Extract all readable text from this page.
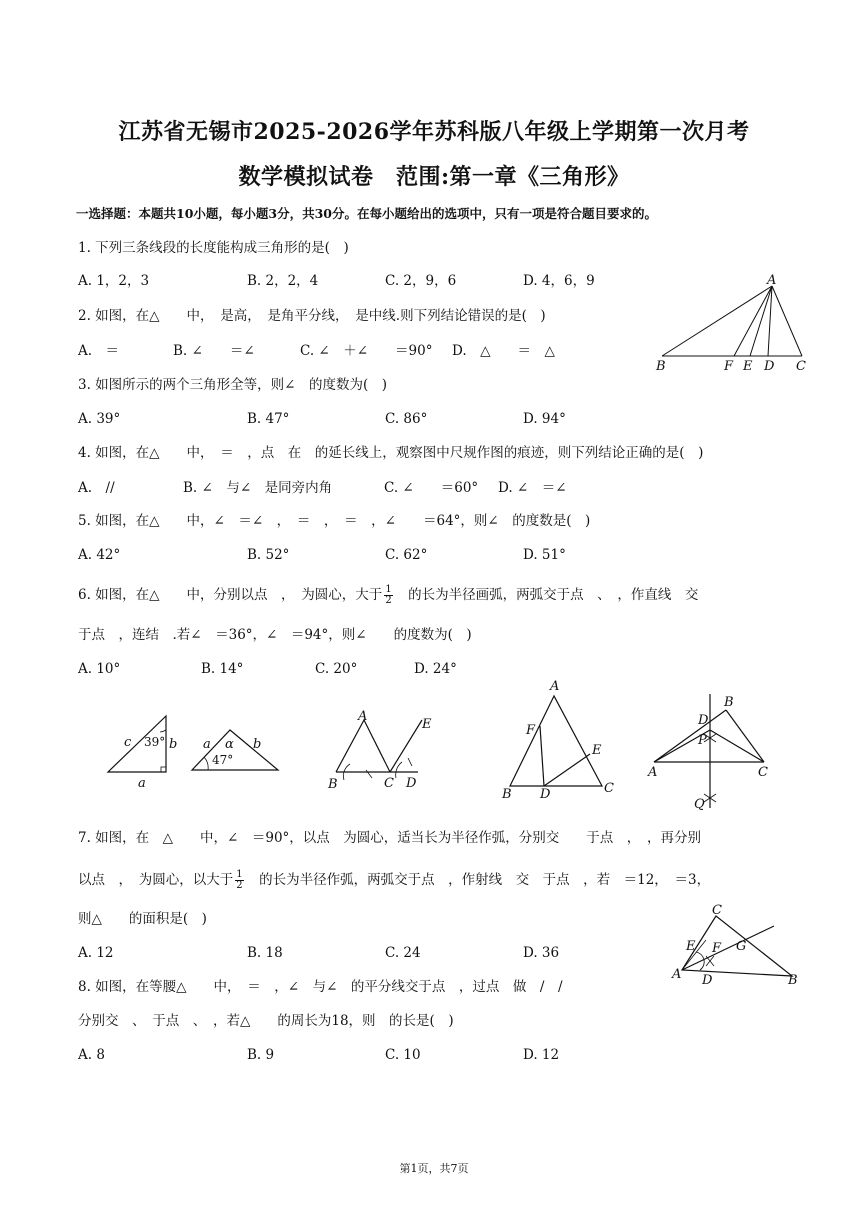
江苏省无锡市2025-2026学年苏科版八年级上学期第一次月考
数学模拟试卷　范围:第一章《三角形》
一选择题：本题共10小题，每小题3分，共30分。在每小题给出的选项中，只有一项是符合题目要求的。
1. 下列三条线段的长度能构成三角形的是(　)
A. 1，2，3	B. 2，2，4	C. 2，9，6	D. 4，6，9
2. 如图，在△　　中，　是高，　是角平分线，　是中线.则下列结论错误的是(　)
A.　＝	B. ∠　　＝∠	C. ∠　＋∠　　＝90° D.　△　　＝　△
A
B	F E D C
3. 如图所示的两个三角形全等，则∠　的度数为(　)
A. 39°	B. 47°	C. 86°	D. 94°
4. 如图，在△　　中，　＝　，点　在　的延长线上，观察图中尺规作图的痕迹，则下列结论正确的是(　)
A.　//	B. ∠　与∠　是同旁内角	C. ∠　　＝60° D. ∠　＝∠
5. 如图，在△　　中，∠　＝∠　，　＝　，　＝　，∠　　＝64°，则∠　的度数是(　)
A. 42°	B. 52°	C. 62°	D. 51°
6. 如图，在△　　中，分别以点　，　为圆心，大于 $\frac{1}{2}$ 　的长为半径画弧，两弧交于点　、　，作直线　交
于点　，连结　.若∠　＝36°，∠　＝94°，则∠　　的度数为(　)
A. 10°	B. 14°	C. 20°	D. 24°
c 39° b
a
a α b
47°
A
E
B	C D
A
F
E
B D	C
B
D
P
A	C
Q
7. 如图，在　△　　中，∠　＝90°，以点　为圆心，适当长为半径作弧，分别交　　于点　，　，再分别
以点　，　为圆心，以大于 $\frac{1}{2}$ 　的长为半径作弧，两弧交于点　，作射线　交　于点　，若　＝12，　＝3，
则△　　的面积是(　)
A. 12	B. 18	C. 24	D. 36
C
E F G
A D	B
8. 如图，在等腰△　　中，　＝　，∠　与∠　的平分线交于点　，过点　做　/　/
分别交　、　于点　、　，若△　　的周长为18，则　的长是(　)
A. 8	B. 9	C. 10	D. 12
第1页，共7页
